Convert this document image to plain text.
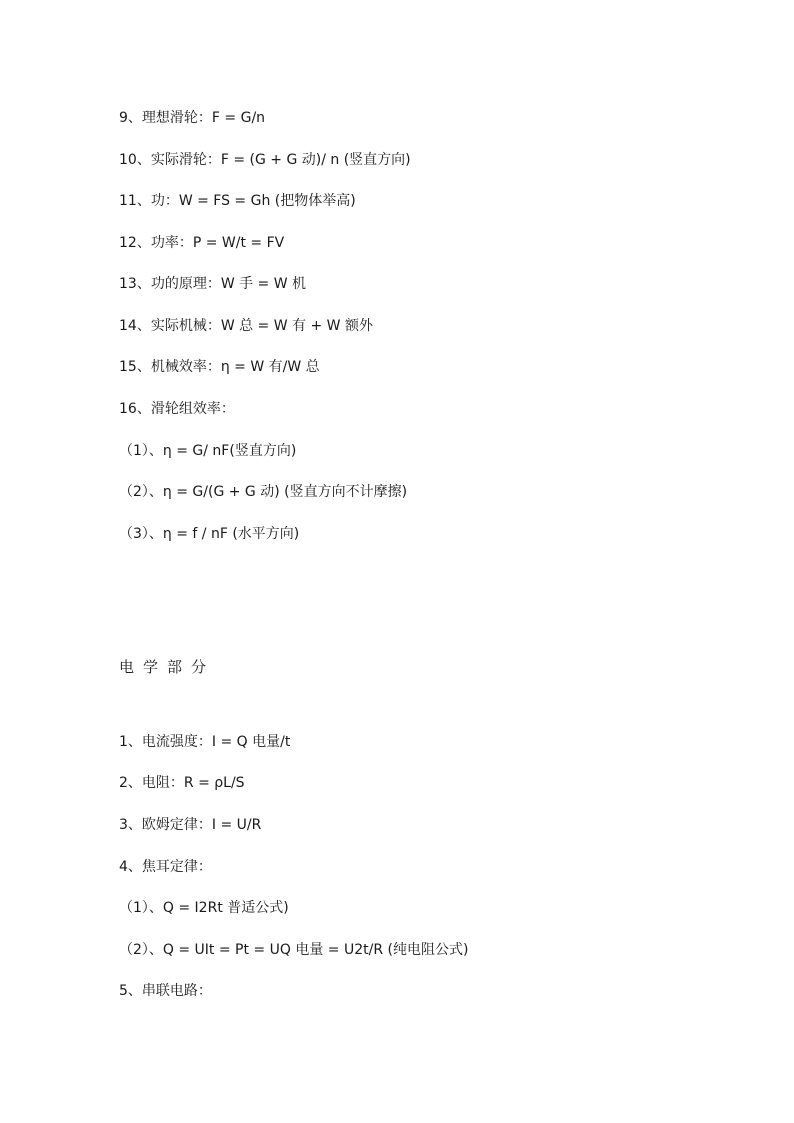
9、理想滑轮：F = G/n
10、实际滑轮：F = (G + G 动)/ n (竖直方向)
11、功：W = FS = Gh (把物体举高)
12、功率：P = W/t = FV
13、功的原理：W 手 = W 机
14、实际机械：W 总 = W 有 + W 额外
15、机械效率：η = W 有/W 总
16、滑轮组效率：
（1）、η = G/ nF(竖直方向)
（2）、η = G/(G + G 动) (竖直方向不计摩擦)
（3）、η = f / nF (水平方向)
电学部分
1、电流强度：I = Q 电量/t
2、电阻：R = ρL/S
3、欧姆定律：I = U/R
4、焦耳定律：
（1）、Q = I2Rt 普适公式)
（2）、Q = UIt = Pt = UQ 电量 = U2t/R (纯电阻公式)
5、串联电路：
